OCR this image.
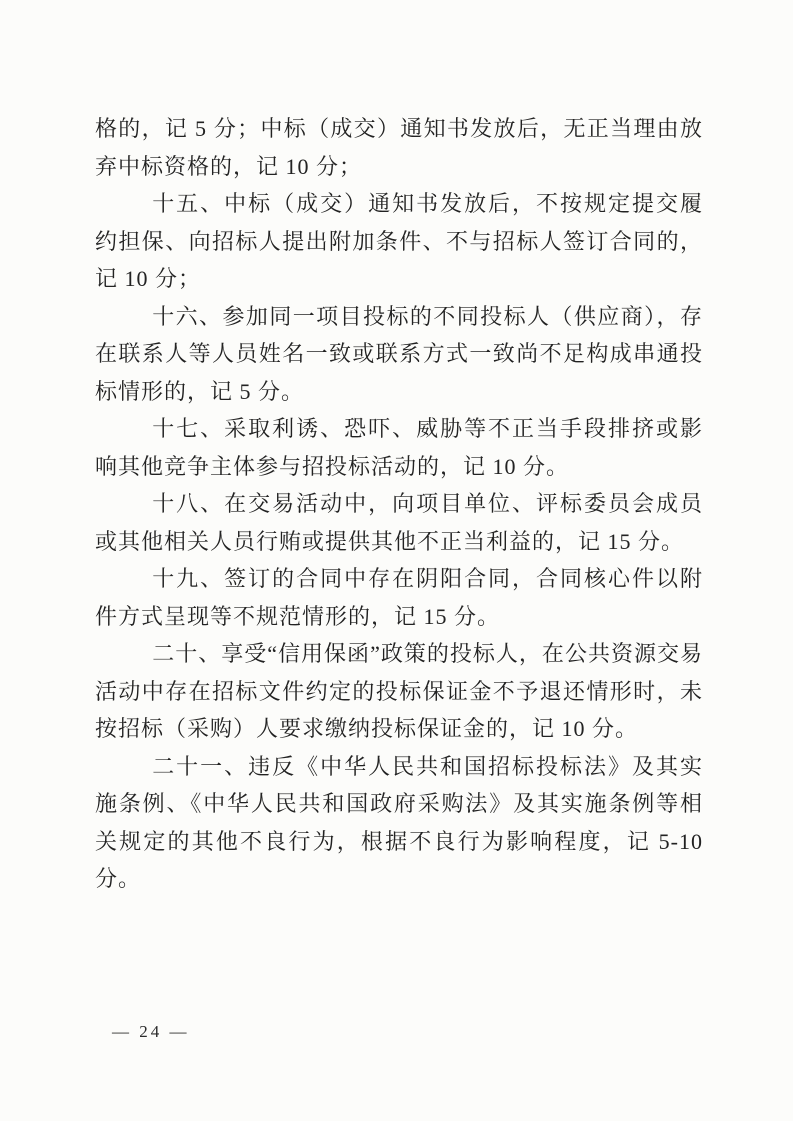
格的，记 5 分；中标（成交）通知书发放后，无正当理由放弃中标资格的，记 10 分；

十五、中标（成交）通知书发放后，不按规定提交履约担保、向招标人提出附加条件、不与招标人签订合同的，记 10 分；

十六、参加同一项目投标的不同投标人（供应商），存在联系人等人员姓名一致或联系方式一致尚不足构成串通投标情形的，记 5 分。

十七、采取利诱、恐吓、威胁等不正当手段排挤或影响其他竞争主体参与招投标活动的，记 10 分。

十八、在交易活动中，向项目单位、评标委员会成员或其他相关人员行贿或提供其他不正当利益的，记 15 分。

十九、签订的合同中存在阴阳合同，合同核心件以附件方式呈现等不规范情形的，记 15 分。

二十、享受“信用保函”政策的投标人，在公共资源交易活动中存在招标文件约定的投标保证金不予退还情形时，未按招标（采购）人要求缴纳投标保证金的，记 10 分。

二十一、违反《中华人民共和国招标投标法》及其实施条例、《中华人民共和国政府采购法》及其实施条例等相关规定的其他不良行为，根据不良行为影响程度，记 5-10 分。

— 24 —
